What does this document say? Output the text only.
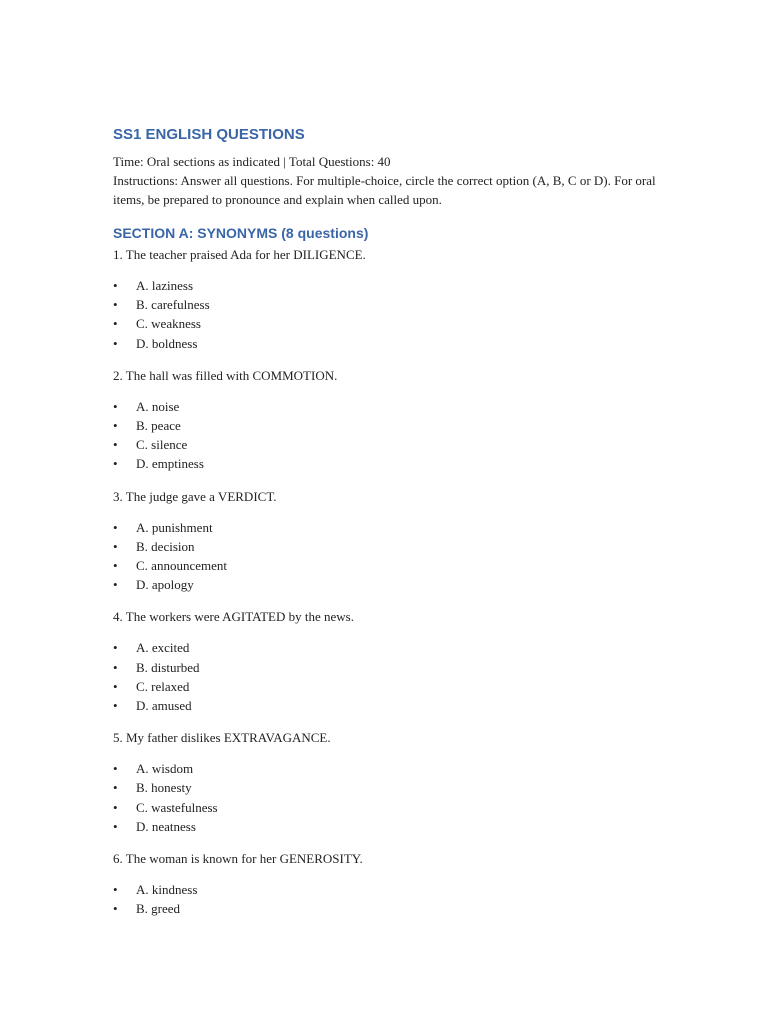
SS1 ENGLISH QUESTIONS

Time: Oral sections as indicated | Total Questions: 40

Instructions: Answer all questions. For multiple-choice, circle the correct option (A, B, C or D). For oral items, be prepared to pronounce and explain when called upon.

SECTION A: SYNONYMS (8 questions)

1. The teacher praised Ada for her DILIGENCE.

• A. laziness
• B. carefulness
• C. weakness
• D. boldness

2. The hall was filled with COMMOTION.

• A. noise
• B. peace
• C. silence
• D. emptiness

3. The judge gave a VERDICT.

• A. punishment
• B. decision
• C. announcement
• D. apology

4. The workers were AGITATED by the news.

• A. excited
• B. disturbed
• C. relaxed
• D. amused

5. My father dislikes EXTRAVAGANCE.

• A. wisdom
• B. honesty
• C. wastefulness
• D. neatness

6. The woman is known for her GENEROSITY.

• A. kindness
• B. greed
